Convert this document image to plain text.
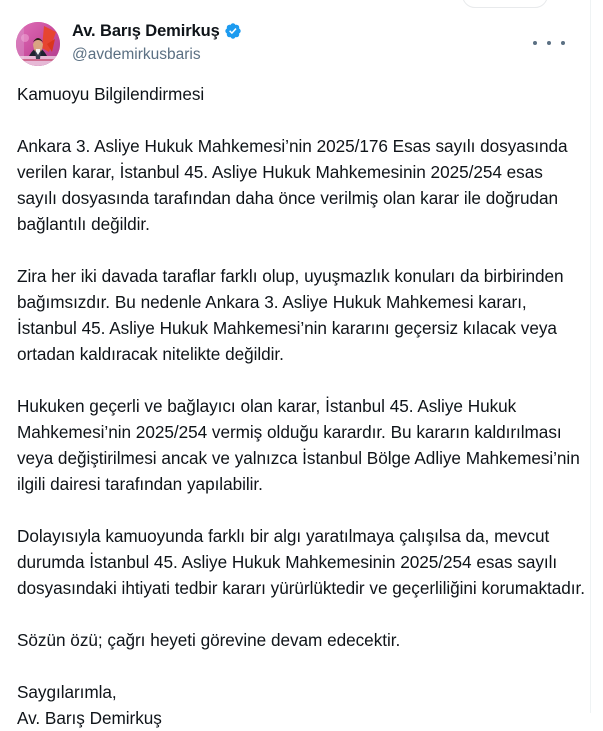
Av. Barış Demirkuş
@avdemirkusbaris

Kamuoyu Bilgilendirmesi

Ankara 3. Asliye Hukuk Mahkemesi’nin 2025/176 Esas sayılı dosyasında verilen karar, İstanbul 45. Asliye Hukuk Mahkemesinin 2025/254 esas sayılı dosyasında tarafından daha önce verilmiş olan karar ile doğrudan bağlantılı değildir.

Zira her iki davada taraflar farklı olup, uyuşmazlık konuları da birbirinden bağımsızdır. Bu nedenle Ankara 3. Asliye Hukuk Mahkemesi kararı, İstanbul 45. Asliye Hukuk Mahkemesi’nin kararını geçersiz kılacak veya ortadan kaldıracak nitelikte değildir.

Hukuken geçerli ve bağlayıcı olan karar, İstanbul 45. Asliye Hukuk Mahkemesi’nin 2025/254 vermiş olduğu karardır. Bu kararın kaldırılması veya değiştirilmesi ancak ve yalnızca İstanbul Bölge Adliye Mahkemesi’nin ilgili dairesi tarafından yapılabilir.

Dolayısıyla kamuoyunda farklı bir algı yaratılmaya çalışılsa da, mevcut durumda İstanbul 45. Asliye Hukuk Mahkemesinin 2025/254 esas sayılı dosyasındaki ihtiyati tedbir kararı yürürlüktedir ve geçerliliğini korumaktadır.

Sözün özü; çağrı heyeti görevine devam edecektir.

Saygılarımla,

Av. Barış Demirkuş
